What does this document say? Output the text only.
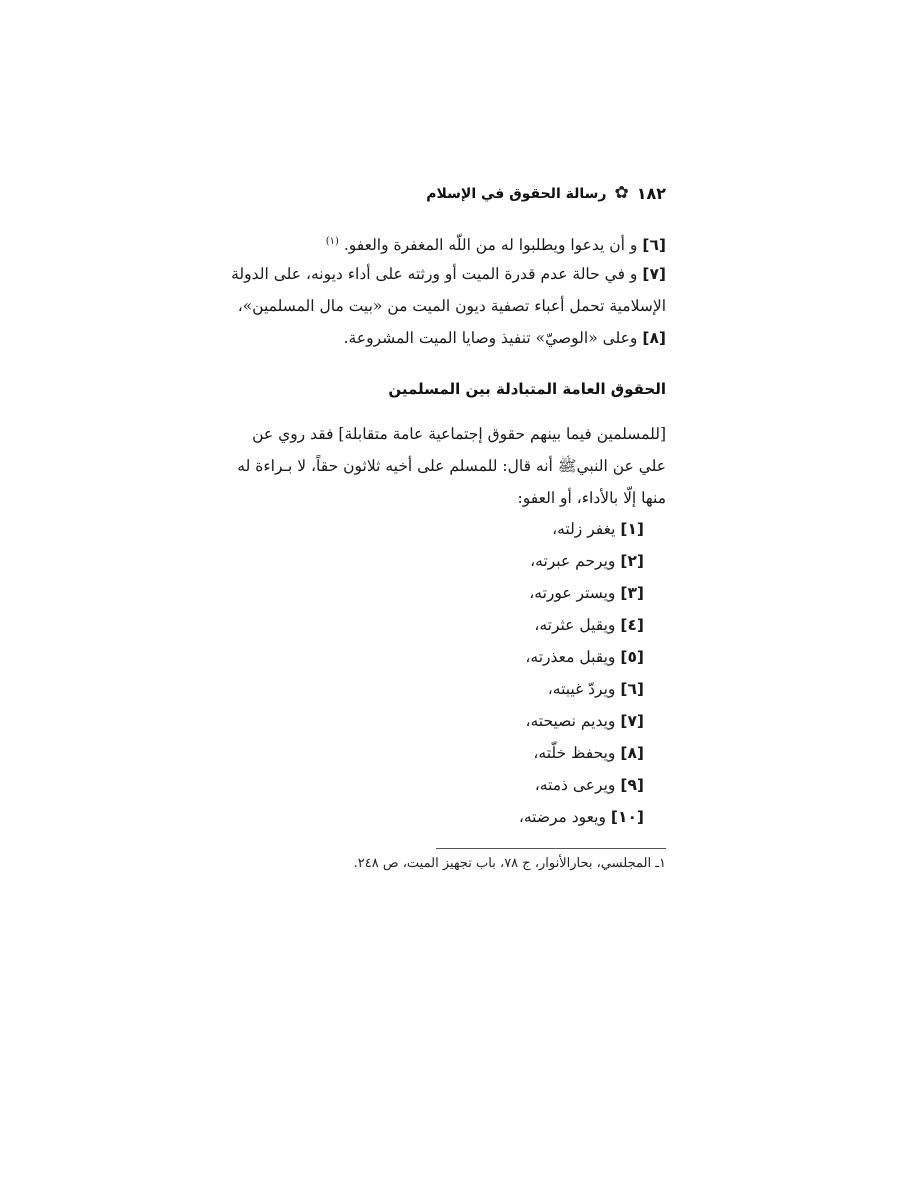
١٨٢
✿
رسالة الحقوق في الإسلام
[٦] و أن يدعوا ويطلبوا له من اللّه المغفرة والعفو. $^{(١)}$
[٧] و في حالة عدم قدرة الميت أو ورثته على أداء ديونه، على الدولة
الإسلامية تحمل أعباء تصفية ديون الميت من «بيت مال المسلمين»،
[٨] وعلى «الوصيّ» تنفيذ وصايا الميت المشروعة.
الحقوق العامة المتبادلة بين المسلمين
[للمسلمين فيما بينهم حقوق إجتماعية عامة متقابلة] فقد روي عن
علي عن النبيﷺ أنه قال: للمسلم على أخيه ثلاثون حقاً، لا بـراءة له
منها إلّا بالأداء، أو العفو:
[١] يغفر زلته،
[٢] ويرحم عبرته،
[٣] ويستر عورته،
[٤] ويقيل عثرته،
[٥] ويقبل معذرته،
[٦] ويردّ غيبته،
[٧] ويديم نصيحته،
[٨] ويحفظ خلّته،
[٩] ويرعى ذمته،
[١٠] ويعود مرضته،
١ـ المجلسي، بحارالأنوار، ج ٧٨، باب تجهيز الميت، ص ٢٤٨.
